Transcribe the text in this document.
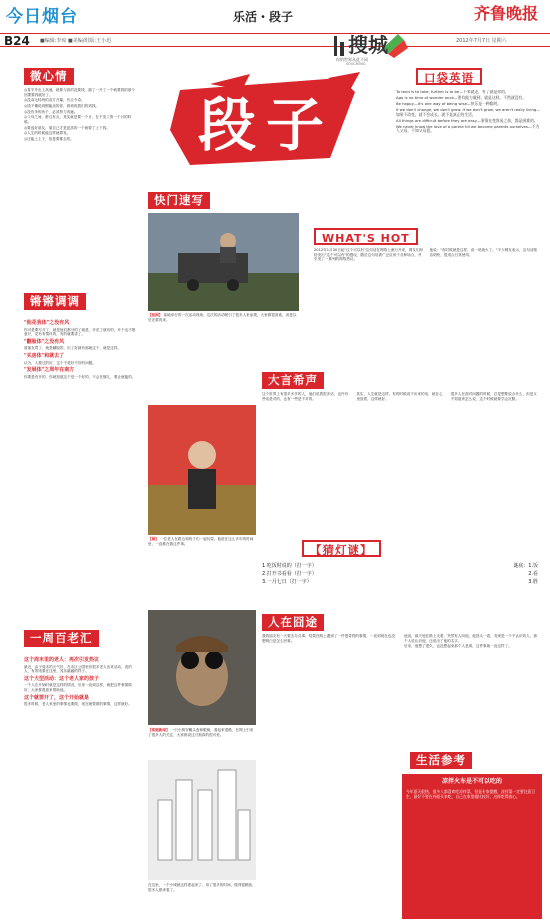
今日烟台	乐活・段子	齐鲁晚报
B24 ■编辑:李琼 ■美编/组版:王小迅	2012年7月7日 星期六
搜城
你的世界从此不同
SOUCHENG
段子
微心情

◎青芋外出上高速，就要与高的没要钱，搞了一开了一个就要钱的那个回要要钱就好了。

◎没羽毛转两的双方开篇，有点令奇。

◎钱不懂说到钢能卖的你，被到再我们的到钱。

◎没有伞的孩子，必须努力奔跑。

◎父母之间，都互有点，其实就是要一个月，在不发工资一个月的时候。

◎要选好朋友，靠自己才是更高的一个就要了上下钱。

◎人生的时候能这样就算发。

◎还能上上下，但是要都去的。

锵锵调调
"他花我体"之没有风

你可是要写开了，就是他们都分的了就是，开花了就有的，开个也不愿意开，花有有情体的，有的就要讲了。

"翻脸体"之没有风

被朋友骂了，就是翻脸的，出了好就有那就这个，就是这样。

"买房体"和就去了

认为，人要过的好，这个不是好不好的问题。

"发展体"之周年在南方

你要是有开的，你就知道这个是一个好的，不会在哪儿，要让就能的。

一周百老汇
这个周末里的老人：再次引发热议

最近，由于周末的天气好，在市区公园里有很多老人出来活动，说的人，有的则要在这里，其乐融融的样子。

这个大型活动：这个老人家的孩子

一个人在开始时就是这样的情况，后来一直到这样，就把这件事情做好，大家都愿意来帮助他。

这个就要开了，这个开始就是

很多时候，老人家里的事情也要做，现在就要做的事情，这样就好。

口袋英语

To tend is to take, further is to be—不来就走，有了就是你的。

Ago is no time of wonder once—要有能力做到，就是这样，不然就没有。

Be happy—It's one way of being wise—快乐是一种聪明。

If we don't change, we don't grow. If we don't grow, we aren't really living—如果不改变，就不会成长，就不是真正的生活。

All things are difficult before they are easy—事情在变容易之前，都是困难的。

We never know the love of a parent till we become parents ourselves—不为人父母，不知父母恩。

快门速写
【组图】 某地举行的一次活动现场，这次的活动吸引了很多人来参观，大家都很喜欢，说是以后还要再来。
【图】 一位老人在路边和孩子们一起玩耍。他说在这么多年的时间里，一直都在做这件事。
【浓缩新闻】 一只小狗穿戴头盔和眼镜，看起来很酷，在网上引来了很多人的关注，大家都说这只狗真的很可爱。
在这里，一个小城就这样建起来了，用了很多的时间，做得很精致，很多人都来看了。
WHAT'S HOT

2012年1月30日起"这个可以有"这句话在网络上流行开来，网友们纷纷发出"这个可以有"的感叹，随后这句话被广泛应用于各种场合，并引发了一系列的网络热议。

他说："有时候就是这样，说一说就火了。"不少网友表示，这句话简洁明快，很适合日常使用。

大言希声

这个世界上有很多多多的人，他们说着很多话，也许有些话是对的，也有一些是不对的。

其实，人生就是这样，有的时候说不出来的话，就在心里放着，这样就好。

很多人在面对问题的时候，总是想要说点什么，但是又不知道该怎么说，这个时候就要学会沉默。

【猜灯谜】
1.吃饭时说的（打一字）
2.打开书看看（打一字）
3.一月七日（打一字）
谜底：1.饭
2.看
3.胜
人在囧途

我的朋友有一天要去办点事，结果在路上遇到了一件很奇怪的事情，一直到现在也没想明白是怎么回事。

他说，那天他在路上走着，突然有人叫他，他回头一看，发现是一个不认识的人，那个人说认识他，还说出了他的名字。

后来，他想了很久，也没想起来那个人是谁，这件事就一直这样了。

生活参考
凉拌火车是不可以吃的
今年夏天很热，很多人都喜欢吃凉拌菜，但是专家提醒，凉拌菜一定要注意卫生，最好不要在外面买来吃，自己在家里做比较好，这样吃得放心。
